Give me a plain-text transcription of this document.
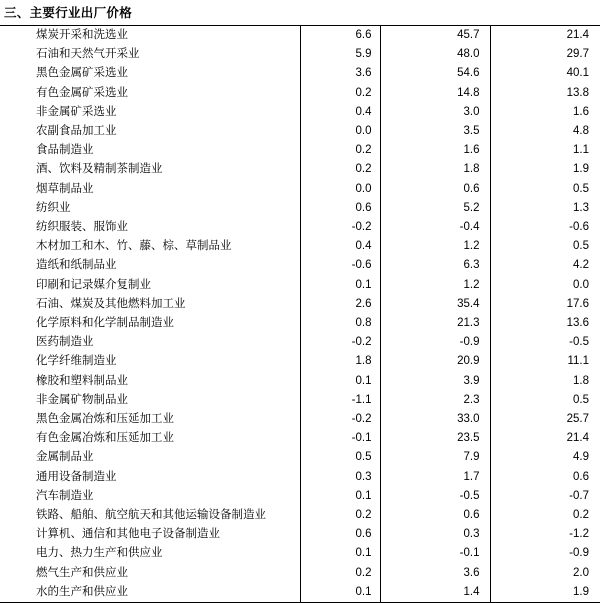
三、主要行业出厂价格
煤炭开采和洗选业	6.6	45.7	21.4
石油和天然气开采业	5.9	48.0	29.7
黑色金属矿采选业	3.6	54.6	40.1
有色金属矿采选业	0.2	14.8	13.8
非金属矿采选业	0.4	3.0	1.6
农副食品加工业	0.0	3.5	4.8
食品制造业	0.2	1.6	1.1
酒、饮料及精制茶制造业	0.2	1.8	1.9
烟草制品业	0.0	0.6	0.5
纺织业	0.6	5.2	1.3
纺织服装、服饰业	-0.2	-0.4	-0.6
木材加工和木、竹、藤、棕、草制品业	0.4	1.2	0.5
造纸和纸制品业	-0.6	6.3	4.2
印刷和记录媒介复制业	0.1	1.2	0.0
石油、煤炭及其他燃料加工业	2.6	35.4	17.6
化学原料和化学制品制造业	0.8	21.3	13.6
医药制造业	-0.2	-0.9	-0.5
化学纤维制造业	1.8	20.9	11.1
橡胶和塑料制品业	0.1	3.9	1.8
非金属矿物制品业	-1.1	2.3	0.5
黑色金属冶炼和压延加工业	-0.2	33.0	25.7
有色金属冶炼和压延加工业	-0.1	23.5	21.4
金属制品业	0.5	7.9	4.9
通用设备制造业	0.3	1.7	0.6
汽车制造业	0.1	-0.5	-0.7
铁路、船舶、航空航天和其他运输设备制造业	0.2	0.6	0.2
计算机、通信和其他电子设备制造业	0.6	0.3	-1.2
电力、热力生产和供应业	0.1	-0.1	-0.9
燃气生产和供应业	0.2	3.6	2.0
水的生产和供应业	0.1	1.4	1.9
